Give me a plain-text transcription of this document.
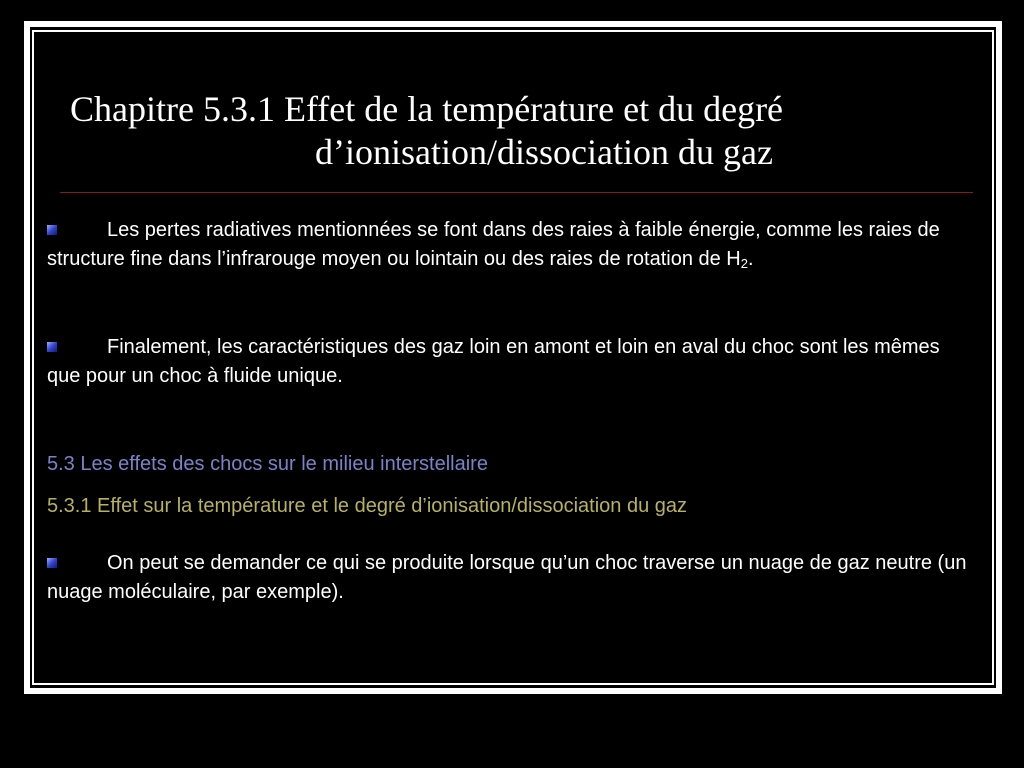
Chapitre 5.3.1 Effet de la température et du degré
d’ionisation/dissociation du gaz

Les pertes radiatives mentionnées se font dans des raies à faible énergie, comme les raies de structure fine dans l’infrarouge moyen ou lointain ou des raies de rotation de $H_2$.

Finalement, les caractéristiques des gaz loin en amont et loin en aval du choc sont les mêmes que pour un choc à fluide unique.

5.3 Les effets des chocs sur le milieu interstellaire

5.3.1 Effet sur la température et le degré d’ionisation/dissociation du gaz

On peut se demander ce qui se produite lorsque qu’un choc traverse un nuage de gaz neutre (un nuage moléculaire, par exemple).
